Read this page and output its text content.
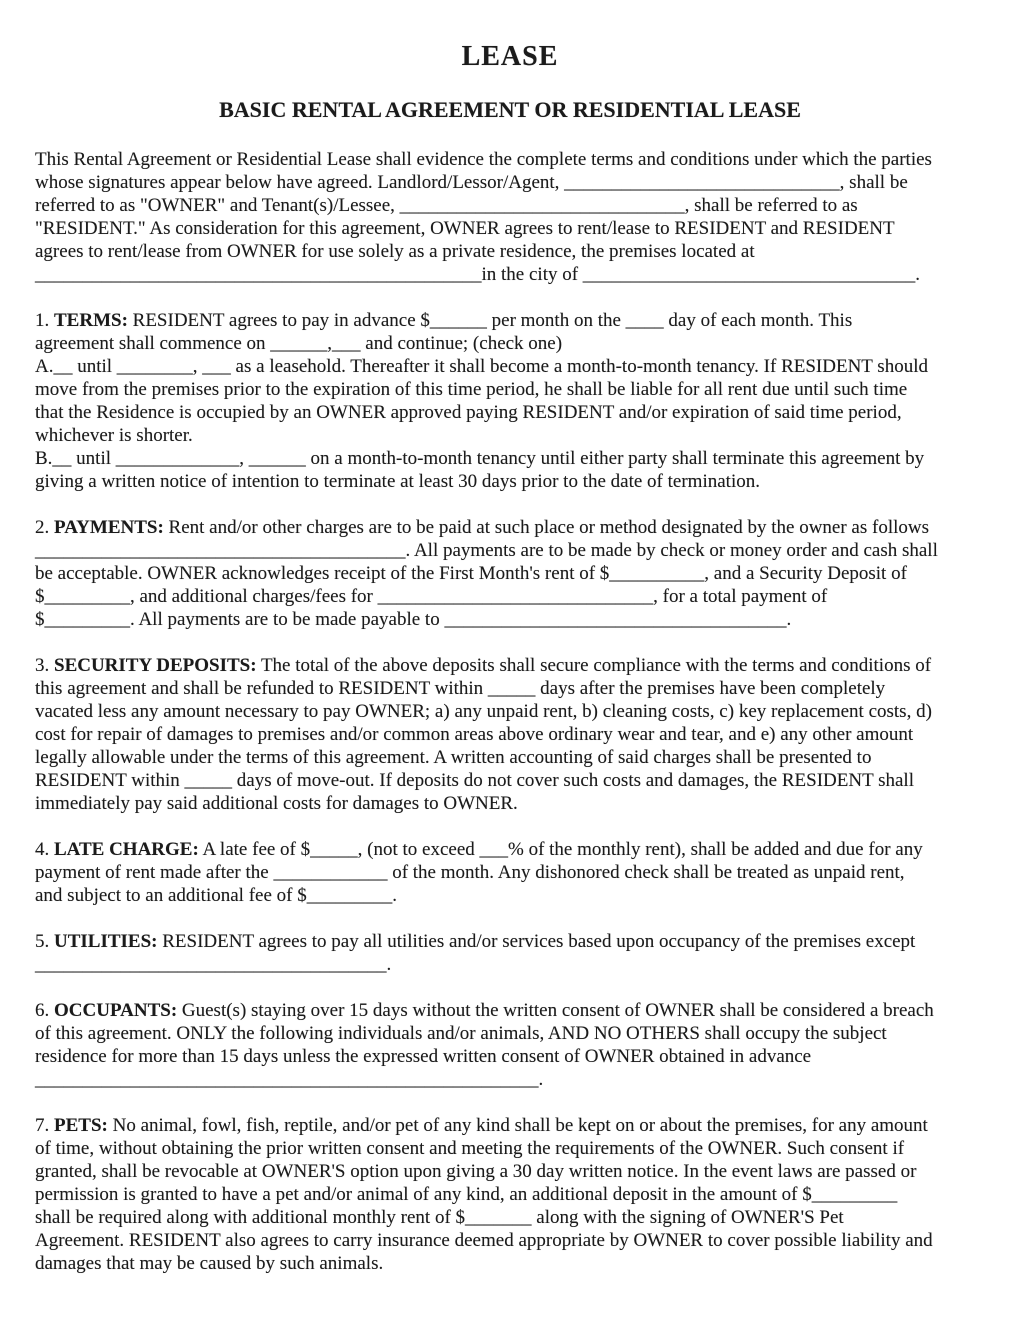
LEASE
BASIC RENTAL AGREEMENT OR RESIDENTIAL LEASE

This Rental Agreement or Residential Lease shall evidence the complete terms and conditions under which the parties
whose signatures appear below have agreed. Landlord/Lessor/Agent, _____________________________, shall be
referred to as "OWNER" and Tenant(s)/Lessee, ______________________________, shall be referred to as
"RESIDENT." As consideration for this agreement, OWNER agrees to rent/lease to RESIDENT and RESIDENT
agrees to rent/lease from OWNER for use solely as a private residence, the premises located at
_______________________________________________in the city of ___________________________________.

1. TERMS: RESIDENT agrees to pay in advance $______ per month on the ____ day of each month. This
agreement shall commence on ______,___ and continue; (check one)
A.__ until ________, ___ as a leasehold. Thereafter it shall become a month-to-month tenancy. If RESIDENT should
move from the premises prior to the expiration of this time period, he shall be liable for all rent due until such time
that the Residence is occupied by an OWNER approved paying RESIDENT and/or expiration of said time period,
whichever is shorter.
B.__ until _____________, ______ on a month-to-month tenancy until either party shall terminate this agreement by
giving a written notice of intention to terminate at least 30 days prior to the date of termination.

2. PAYMENTS: Rent and/or other charges are to be paid at such place or method designated by the owner as follows
_______________________________________. All payments are to be made by check or money order and cash shall
be acceptable. OWNER acknowledges receipt of the First Month's rent of $__________, and a Security Deposit of
$_________, and additional charges/fees for _____________________________, for a total payment of
$_________. All payments are to be made payable to ____________________________________.

3. SECURITY DEPOSITS: The total of the above deposits shall secure compliance with the terms and conditions of
this agreement and shall be refunded to RESIDENT within _____ days after the premises have been completely
vacated less any amount necessary to pay OWNER; a) any unpaid rent, b) cleaning costs, c) key replacement costs, d)
cost for repair of damages to premises and/or common areas above ordinary wear and tear, and e) any other amount
legally allowable under the terms of this agreement. A written accounting of said charges shall be presented to
RESIDENT within _____ days of move-out. If deposits do not cover such costs and damages, the RESIDENT shall
immediately pay said additional costs for damages to OWNER.

4. LATE CHARGE: A late fee of $_____, (not to exceed ___% of the monthly rent), shall be added and due for any
payment of rent made after the ____________ of the month. Any dishonored check shall be treated as unpaid rent,
and subject to an additional fee of $_________.

5. UTILITIES: RESIDENT agrees to pay all utilities and/or services based upon occupancy of the premises except
_____________________________________.

6. OCCUPANTS: Guest(s) staying over 15 days without the written consent of OWNER shall be considered a breach
of this agreement. ONLY the following individuals and/or animals, AND NO OTHERS shall occupy the subject
residence for more than 15 days unless the expressed written consent of OWNER obtained in advance
_____________________________________________________.

7. PETS: No animal, fowl, fish, reptile, and/or pet of any kind shall be kept on or about the premises, for any amount
of time, without obtaining the prior written consent and meeting the requirements of the OWNER. Such consent if
granted, shall be revocable at OWNER'S option upon giving a 30 day written notice. In the event laws are passed or
permission is granted to have a pet and/or animal of any kind, an additional deposit in the amount of $_________
shall be required along with additional monthly rent of $_______ along with the signing of OWNER'S Pet
Agreement. RESIDENT also agrees to carry insurance deemed appropriate by OWNER to cover possible liability and
damages that may be caused by such animals.
